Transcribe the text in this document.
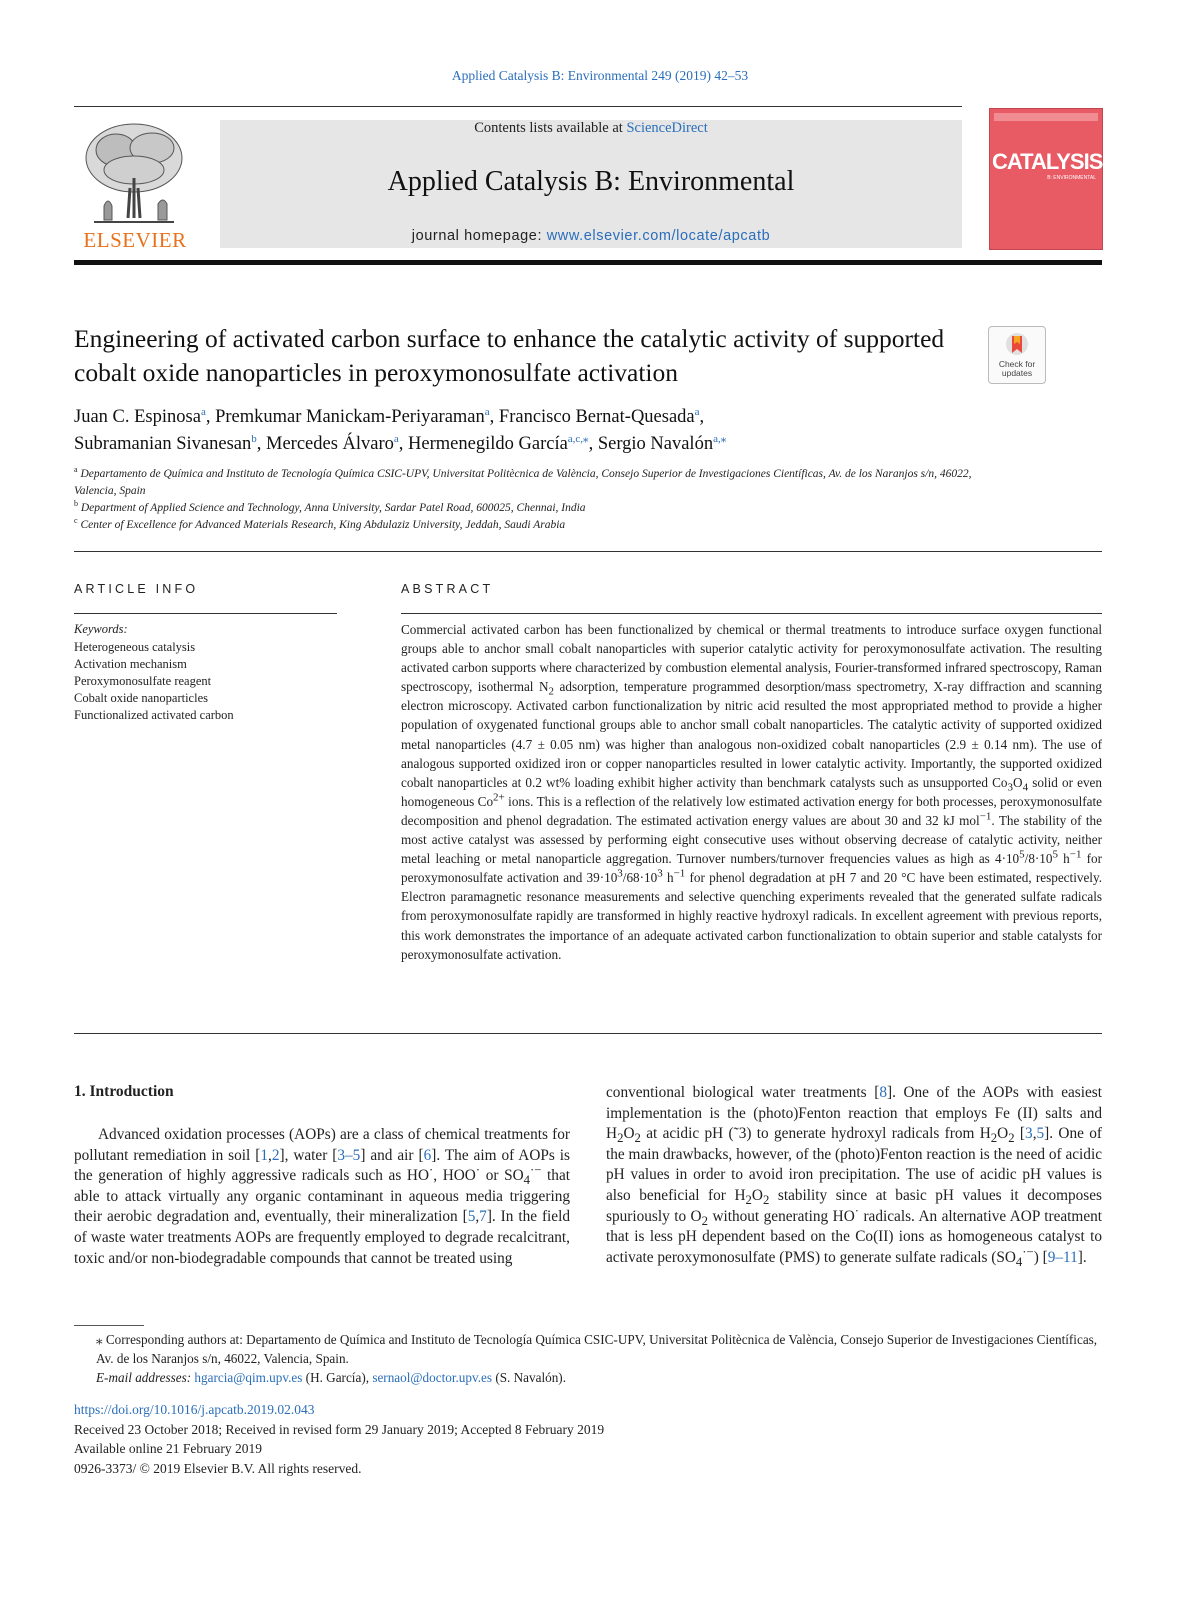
Applied Catalysis B: Environmental 249 (2019) 42–53
ELSEVIER
Contents lists available at ScienceDirect
Applied Catalysis B: Environmental
journal homepage: www.elsevier.com/locate/apcatb
CATALYSIS
B: ENVIRONMENTAL
Engineering of activated carbon surface to enhance the catalytic activity of supported cobalt oxide nanoparticles in peroxymonosulfate activation	Check for updates
Juan C. Espinosa$^a$, Premkumar Manickam-Periyaraman$^a$, Francisco Bernat-Quesada$^a$,
Subramanian Sivanesan$^b$, Mercedes Álvaro$^a$, Hermenegildo García$^{a,c,⁎}$, Sergio Navalón$^{a,⁎}$
$^a$ Departamento de Química and Instituto de Tecnología Química CSIC-UPV, Universitat Politècnica de València, Consejo Superior de Investigaciones Científicas, Av. de los Naranjos s/n, 46022, Valencia, Spain
$^b$ Department of Applied Science and Technology, Anna University, Sardar Patel Road, 600025, Chennai, India
$^c$ Center of Excellence for Advanced Materials Research, King Abdulaziz University, Jeddah, Saudi Arabia
ARTICLE INFO	ABSTRACT
Keywords:
Heterogeneous catalysis
Activation mechanism
Peroxymonosulfate reagent
Cobalt oxide nanoparticles
Functionalized activated carbon
Commercial activated carbon has been functionalized by chemical or thermal treatments to introduce surface oxygen functional groups able to anchor small cobalt nanoparticles with superior catalytic activity for peroxymonosulfate activation. The resulting activated carbon supports where characterized by combustion elemental analysis, Fourier-transformed infrared spectroscopy, Raman spectroscopy, isothermal $N_2$ adsorption, temperature programmed desorption/mass spectrometry, X-ray diffraction and scanning electron microscopy. Activated carbon functionalization by nitric acid resulted the most appropriated method to provide a higher population of oxygenated functional groups able to anchor small cobalt nanoparticles. The catalytic activity of supported oxidized metal nanoparticles (4.7 ± 0.05 nm) was higher than analogous non-oxidized cobalt nanoparticles (2.9 ± 0.14 nm). The use of analogous supported oxidized iron or copper nanoparticles resulted in lower catalytic activity. Importantly, the supported oxidized cobalt nanoparticles at 0.2 wt% loading exhibit higher activity than benchmark catalysts such as unsupported $Co_3O_4$ solid or even homogeneous $Co^{2+}$ ions. This is a reflection of the relatively low estimated activation energy for both processes, peroxymonosulfate decomposition and phenol degradation. The estimated activation energy values are about 30 and 32 kJ mol$^{-1}$. The stability of the most active catalyst was assessed by performing eight consecutive uses without observing decrease of catalytic activity, neither metal leaching or metal nanoparticle aggregation. Turnover numbers/turnover frequencies values as high as $4\cdot 10^5/8\cdot 10^5$ $h^{-1}$ for peroxymonosulfate activation and $39\cdot 10^3/68\cdot 10^3$ $h^{-1}$ for phenol degradation at pH 7 and 20 °C have been estimated, respectively. Electron paramagnetic resonance measurements and selective quenching experiments revealed that the generated sulfate radicals from peroxymonosulfate rapidly are transformed in highly reactive hydroxyl radicals. In excellent agreement with previous reports, this work demonstrates the importance of an adequate activated carbon functionalization to obtain superior and stable catalysts for peroxymonosulfate activation.
1. Introduction

Advanced oxidation processes (AOPs) are a class of chemical treatments for pollutant remediation in soil [1,2], water [3–5] and air [6]. The aim of AOPs is the generation of highly aggressive radicals such as HO·, HOO· or $SO_4^{\cdot-}$ that able to attack virtually any organic contaminant in aqueous media triggering their aerobic degradation and, eventually, their mineralization [5,7]. In the field of waste water treatments AOPs are frequently employed to degrade recalcitrant, toxic and/or non-biodegradable compounds that cannot be treated using

conventional biological water treatments [8]. One of the AOPs with easiest implementation is the (photo)Fenton reaction that employs Fe (II) salts and $H_2O_2$ at acidic pH (˜3) to generate hydroxyl radicals from $H_2O_2$ [3,5]. One of the main drawbacks, however, of the (photo)Fenton reaction is the need of acidic pH values in order to avoid iron precipitation. The use of acidic pH values is also beneficial for $H_2O_2$ stability since at basic pH values it decomposes spuriously to $O_2$ without generating HO· radicals. An alternative AOP treatment that is less pH dependent based on the Co(II) ions as homogeneous catalyst to activate peroxymonosulfate (PMS) to generate sulfate radicals $(SO_4^{\cdot-})$ [9–11].

⁎ Corresponding authors at: Departamento de Química and Instituto de Tecnología Química CSIC-UPV, Universitat Politècnica de València, Consejo Superior de Investigaciones Científicas, Av. de los Naranjos s/n, 46022, Valencia, Spain.
E-mail addresses: hgarcia@qim.upv.es (H. García), sernaol@doctor.upv.es (S. Navalón).
https://doi.org/10.1016/j.apcatb.2019.02.043
Received 23 October 2018; Received in revised form 29 January 2019; Accepted 8 February 2019
Available online 21 February 2019
0926-3373/ © 2019 Elsevier B.V. All rights reserved.
